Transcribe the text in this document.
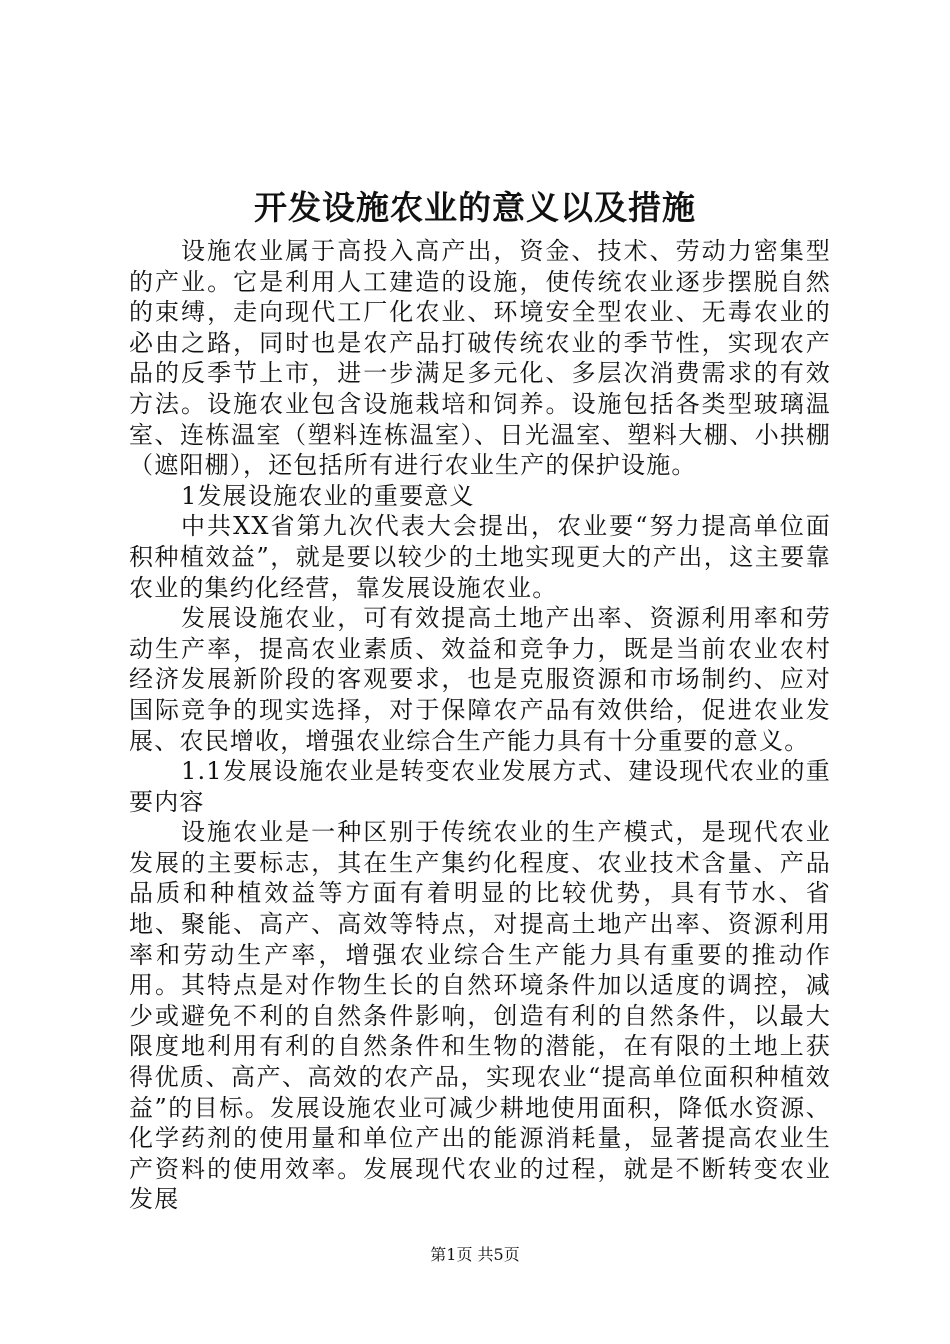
开发设施农业的意义以及措施

设施农业属于高投入高产出，资金、技术、劳动力密集型的产业。它是利用人工建造的设施，使传统农业逐步摆脱自然的束缚，走向现代工厂化农业、环境安全型农业、无毒农业的必由之路，同时也是农产品打破传统农业的季节性，实现农产品的反季节上市，进一步满足多元化、多层次消费需求的有效方法。设施农业包含设施栽培和饲养。设施包括各类型玻璃温室、连栋温室（塑料连栋温室）、日光温室、塑料大棚、小拱棚（遮阳棚），还包括所有进行农业生产的保护设施。

1发展设施农业的重要意义

中共XX省第九次代表大会提出，农业要“努力提高单位面积种植效益”，就是要以较少的土地实现更大的产出，这主要靠农业的集约化经营，靠发展设施农业。

发展设施农业，可有效提高土地产出率、资源利用率和劳动生产率，提高农业素质、效益和竞争力，既是当前农业农村经济发展新阶段的客观要求，也是克服资源和市场制约、应对国际竞争的现实选择，对于保障农产品有效供给，促进农业发展、农民增收，增强农业综合生产能力具有十分重要的意义。

1.1发展设施农业是转变农业发展方式、建设现代农业的重要内容

设施农业是一种区别于传统农业的生产模式，是现代农业发展的主要标志，其在生产集约化程度、农业技术含量、产品品质和种植效益等方面有着明显的比较优势，具有节水、省地、聚能、高产、高效等特点，对提高土地产出率、资源利用率和劳动生产率，增强农业综合生产能力具有重要的推动作用。其特点是对作物生长的自然环境条件加以适度的调控，减少或避免不利的自然条件影响，创造有利的自然条件，以最大限度地利用有利的自然条件和生物的潜能，在有限的土地上获得优质、高产、高效的农产品，实现农业“提高单位面积种植效益”的目标。发展设施农业可减少耕地使用面积，降低水资源、化学药剂的使用量和单位产出的能源消耗量，显著提高农业生产资料的使用效率。发展现代农业的过程，就是不断转变农业发展

第1页 共5页
